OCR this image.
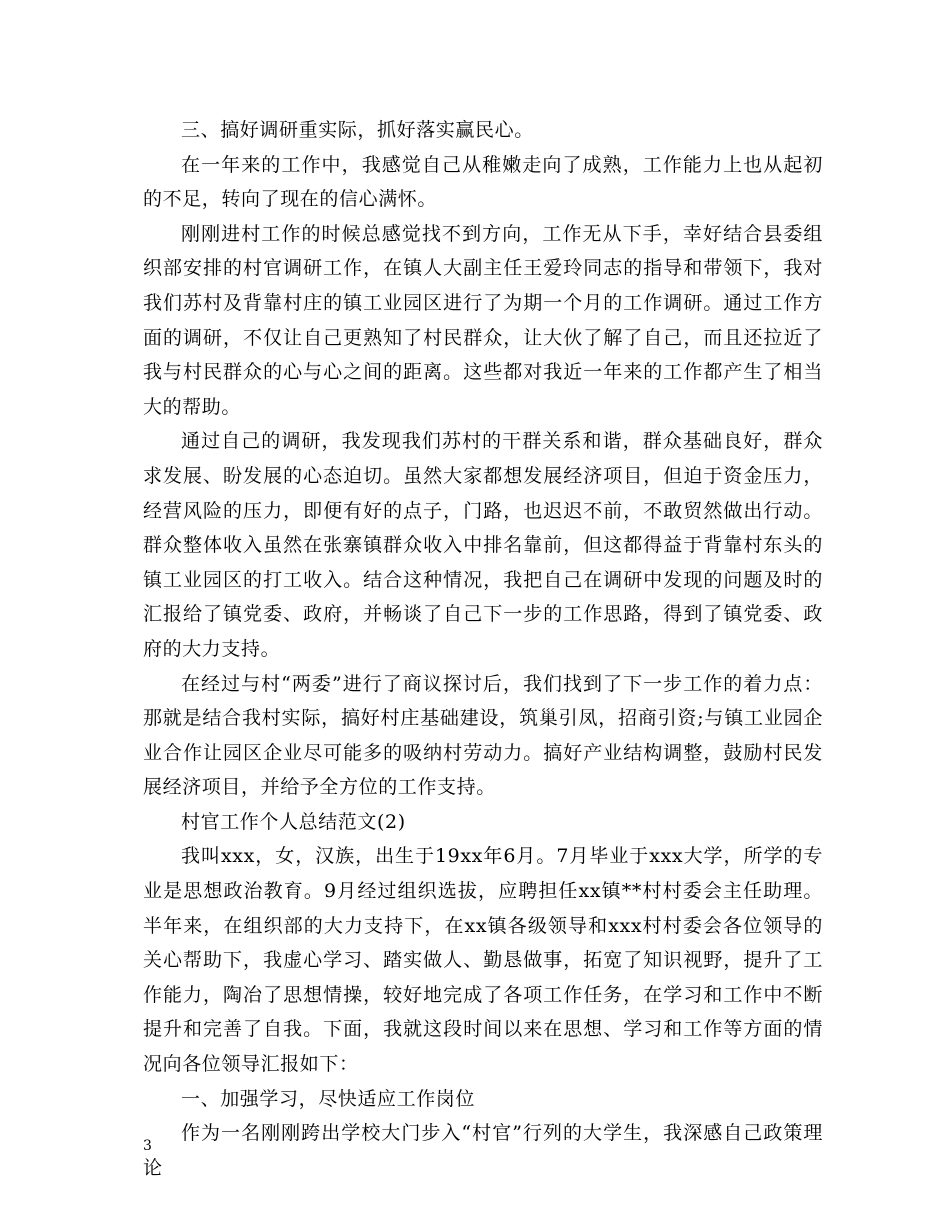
三、搞好调研重实际，抓好落实赢民心。

在一年来的工作中，我感觉自己从稚嫩走向了成熟，工作能力上也从起初的不足，转向了现在的信心满怀。

刚刚进村工作的时候总感觉找不到方向，工作无从下手，幸好结合县委组织部安排的村官调研工作，在镇人大副主任王爱玲同志的指导和带领下，我对我们苏村及背靠村庄的镇工业园区进行了为期一个月的工作调研。通过工作方面的调研，不仅让自己更熟知了村民群众，让大伙了解了自己，而且还拉近了我与村民群众的心与心之间的距离。这些都对我近一年来的工作都产生了相当大的帮助。

通过自己的调研，我发现我们苏村的干群关系和谐，群众基础良好，群众求发展、盼发展的心态迫切。虽然大家都想发展经济项目，但迫于资金压力，经营风险的压力，即便有好的点子，门路，也迟迟不前，不敢贸然做出行动。群众整体收入虽然在张寨镇群众收入中排名靠前，但这都得益于背靠村东头的镇工业园区的打工收入。结合这种情况，我把自己在调研中发现的问题及时的汇报给了镇党委、政府，并畅谈了自己下一步的工作思路，得到了镇党委、政府的大力支持。

在经过与村“两委”进行了商议探讨后，我们找到了下一步工作的着力点：那就是结合我村实际，搞好村庄基础建设，筑巢引凤，招商引资;与镇工业园企业合作让园区企业尽可能多的吸纳村劳动力。搞好产业结构调整，鼓励村民发展经济项目，并给予全方位的工作支持。

村官工作个人总结范文(2)

我叫xxx，女，汉族，出生于19xx年6月。7月毕业于xxx大学，所学的专业是思想政治教育。9月经过组织选拔，应聘担任xx镇**村村委会主任助理。半年来，在组织部的大力支持下，在xx镇各级领导和xxx村村委会各位领导的关心帮助下，我虚心学习、踏实做人、勤恳做事，拓宽了知识视野，提升了工作能力，陶冶了思想情操，较好地完成了各项工作任务，在学习和工作中不断提升和完善了自我。下面，我就这段时间以来在思想、学习和工作等方面的情况向各位领导汇报如下：

一、加强学习，尽快适应工作岗位

作为一名刚刚跨出学校大门步入“村官”行列的大学生，我深感自己政策理论

3
